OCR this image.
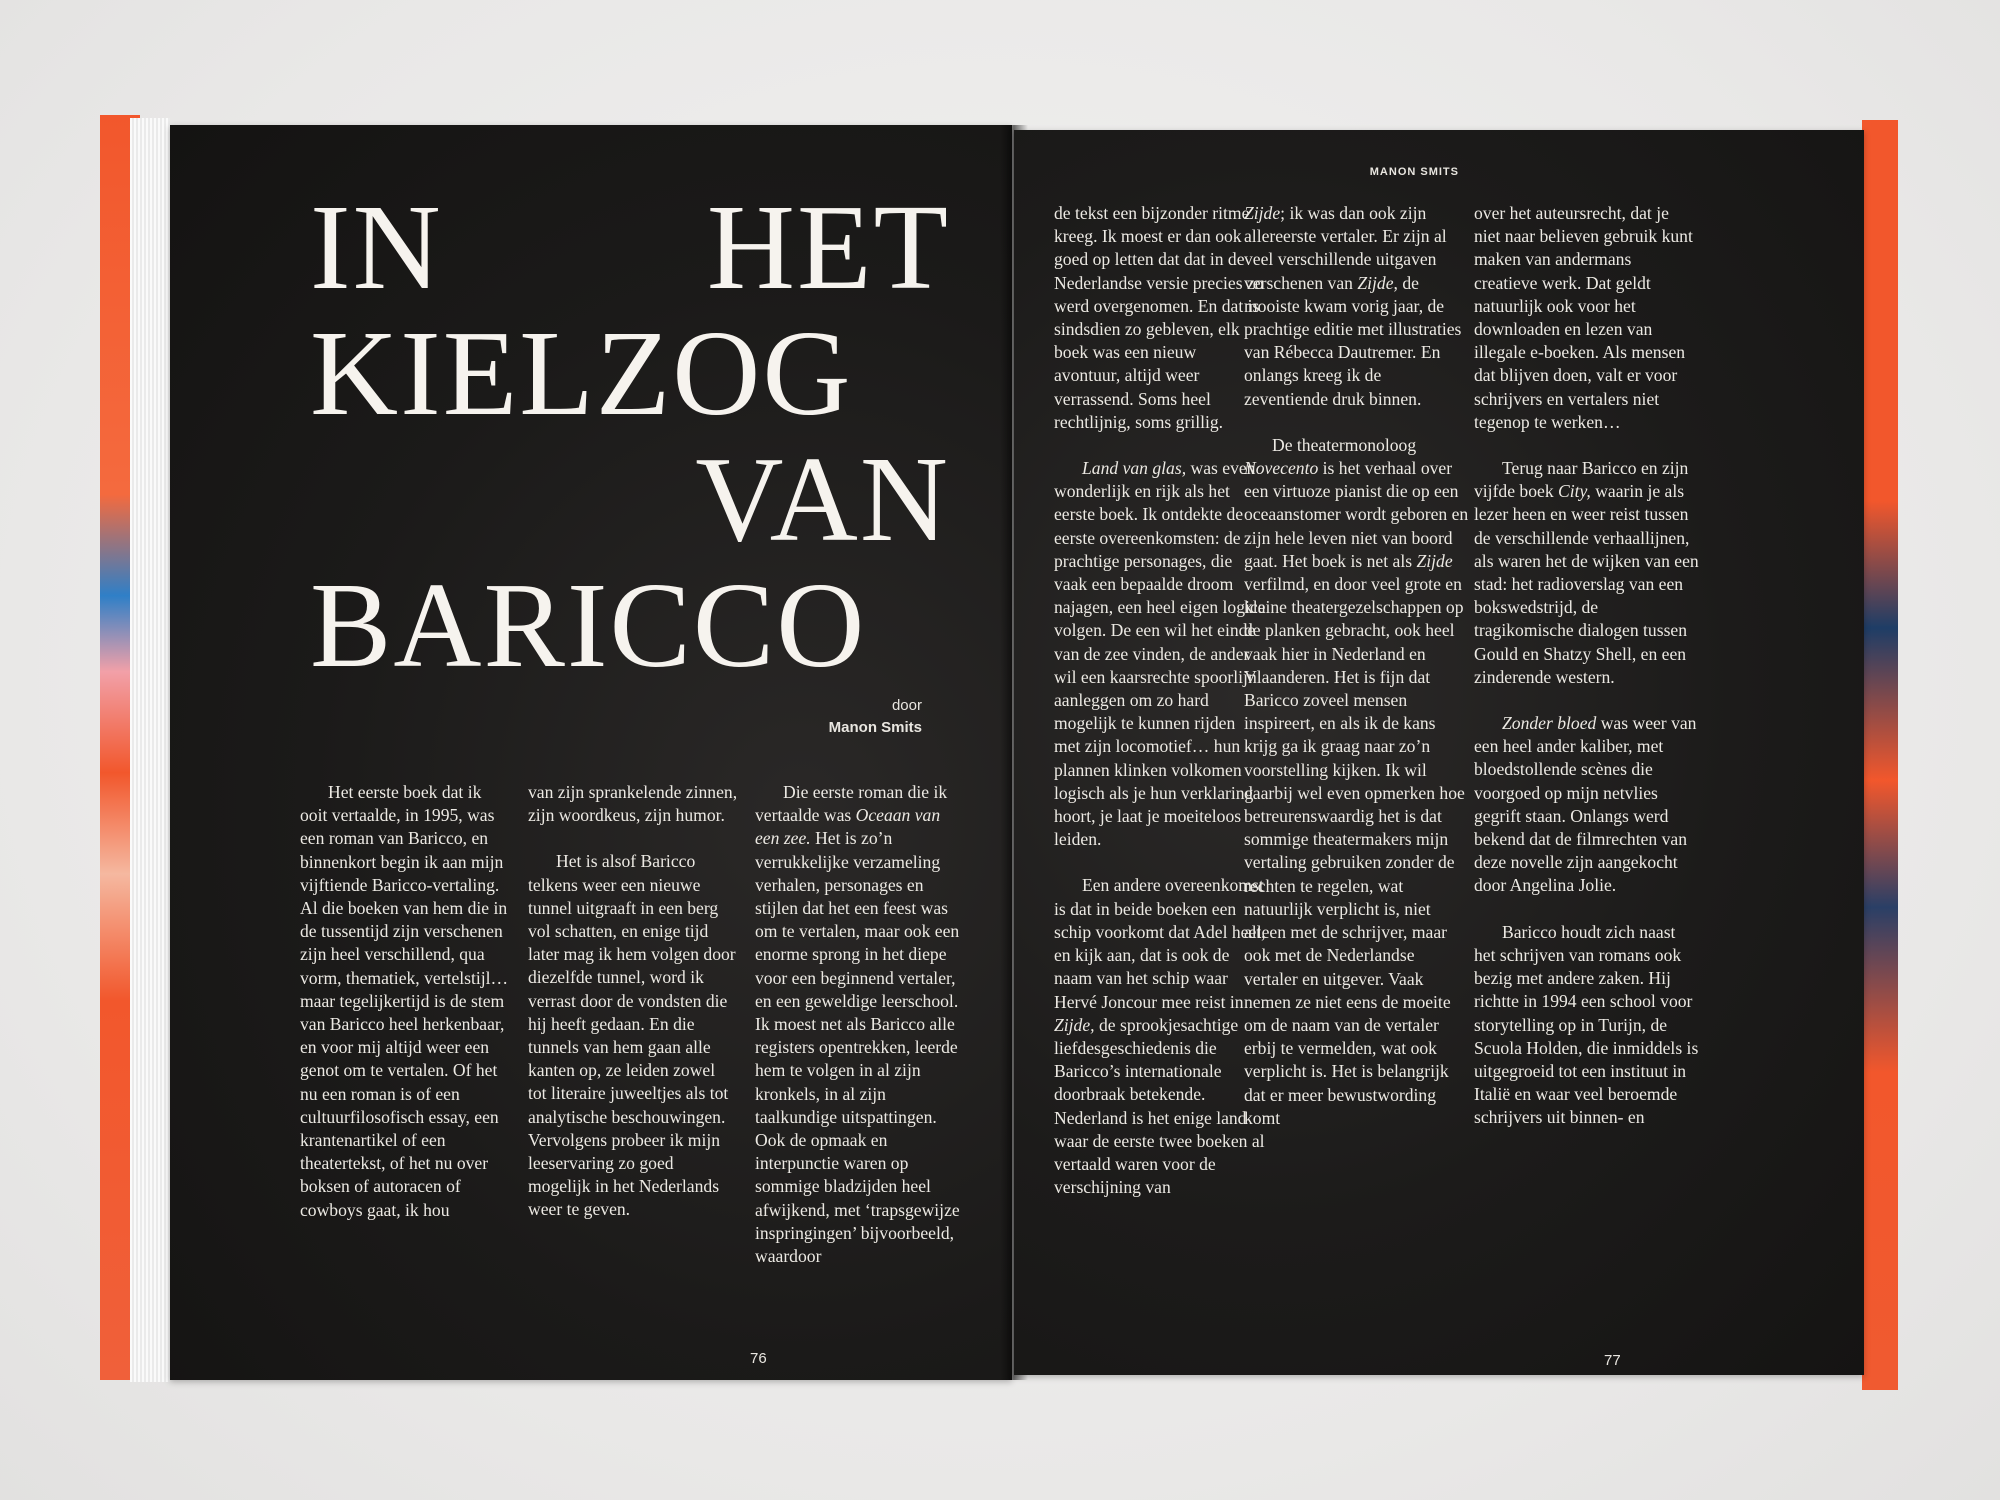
IN HET
KIELZOG
VAN
BARICCO
door
Manon Smits

Het eerste boek dat ik ooit vertaalde, in 1995, was een roman van Baricco, en binnenkort begin ik aan mijn vijftiende Baricco-vertaling. Al die boeken van hem die in de tussentijd zijn verschenen zijn heel verschillend, qua vorm, thematiek, vertelstijl… maar tegelijkertijd is de stem van Baricco heel herkenbaar, en voor mij altijd weer een genot om te vertalen. Of het nu een roman is of een cultuurfilosofisch essay, een krantenartikel of een theatertekst, of het nu over boksen of autoracen of cowboys gaat, ik hou

van zijn sprankelende zinnen, zijn woordkeus, zijn humor.

Het is alsof Baricco telkens weer een nieuwe tunnel uitgraaft in een berg vol schatten, en enige tijd later mag ik hem volgen door diezelfde tunnel, word ik verrast door de vondsten die hij heeft gedaan. En die tunnels van hem gaan alle kanten op, ze leiden zowel tot literaire juweeltjes als tot analytische beschouwingen. Vervolgens probeer ik mijn leeservaring zo goed mogelijk in het Nederlands weer te geven.

Die eerste roman die ik vertaalde was Oceaan van een zee. Het is zo’n verrukkelijke verzameling verhalen, personages en stijlen dat het een feest was om te vertalen, maar ook een enorme sprong in het diepe voor een beginnend vertaler, en een geweldige leerschool. Ik moest net als Baricco alle registers opentrekken, leerde hem te volgen in al zijn kronkels, in al zijn taalkundige uitspattingen. Ook de opmaak en interpunctie waren op sommige bladzijden heel afwijkend, met ‘trapsgewijze inspringingen’ bijvoorbeeld, waardoor

76
MANON SMITS

de tekst een bijzonder ritme kreeg. Ik moest er dan ook goed op letten dat dat in de Nederlandse versie precies zo werd overgenomen. En dat is sindsdien zo gebleven, elk boek was een nieuw avontuur, altijd weer verrassend. Soms heel rechtlijnig, soms grillig.

Land van glas, was even wonderlijk en rijk als het eerste boek. Ik ontdekte de eerste overeenkomsten: de prachtige personages, die vaak een bepaalde droom najagen, een heel eigen logica volgen. De een wil het einde van de zee vinden, de ander wil een kaarsrechte spoorlijn aanleggen om zo hard mogelijk te kunnen rijden met zijn locomotief… hun plannen klinken volkomen logisch als je hun verklaring hoort, je laat je moeiteloos leiden.

Een andere overeenkomst is dat in beide boeken een schip voorkomt dat Adel heet, en kijk aan, dat is ook de naam van het schip waar Hervé Joncour mee reist in Zijde, de sprookjesachtige liefdesgeschiedenis die Baricco’s internationale doorbraak betekende. Nederland is het enige land waar de eerste twee boeken al vertaald waren voor de verschijning van

Zijde; ik was dan ook zijn allereerste vertaler. Er zijn al veel verschillende uitgaven verschenen van Zijde, de mooiste kwam vorig jaar, de prachtige editie met illustraties van Rébecca Dautremer. En onlangs kreeg ik de zeventiende druk binnen.

De theatermonoloog Novecento is het verhaal over een virtuoze pianist die op een oceaanstomer wordt geboren en zijn hele leven niet van boord gaat. Het boek is net als Zijde verfilmd, en door veel grote en kleine theatergezelschappen op de planken gebracht, ook heel vaak hier in Nederland en Vlaanderen. Het is fijn dat Baricco zoveel mensen inspireert, en als ik de kans krijg ga ik graag naar zo’n voorstelling kijken. Ik wil daarbij wel even opmerken hoe betreurenswaardig het is dat sommige theatermakers mijn vertaling gebruiken zonder de rechten te regelen, wat natuurlijk verplicht is, niet alleen met de schrijver, maar ook met de Nederlandse vertaler en uitgever. Vaak nemen ze niet eens de moeite om de naam van de vertaler erbij te vermelden, wat ook verplicht is. Het is belangrijk dat er meer bewustwording komt

over het auteursrecht, dat je niet naar believen gebruik kunt maken van andermans creatieve werk. Dat geldt natuurlijk ook voor het downloaden en lezen van illegale e-boeken. Als mensen dat blijven doen, valt er voor schrijvers en vertalers niet tegenop te werken…

Terug naar Baricco en zijn vijfde boek City, waarin je als lezer heen en weer reist tussen de verschillende verhaallijnen, als waren het de wijken van een stad: het radioverslag van een bokswedstrijd, de tragikomische dialogen tussen Gould en Shatzy Shell, en een zinderende western.

Zonder bloed was weer van een heel ander kaliber, met bloedstollende scènes die voorgoed op mijn netvlies gegrift staan. Onlangs werd bekend dat de filmrechten van deze novelle zijn aangekocht door Angelina Jolie.

Baricco houdt zich naast het schrijven van romans ook bezig met andere zaken. Hij richtte in 1994 een school voor storytelling op in Turijn, de Scuola Holden, die inmiddels is uitgegroeid tot een instituut in Italië en waar veel beroemde schrijvers uit binnen- en

77
